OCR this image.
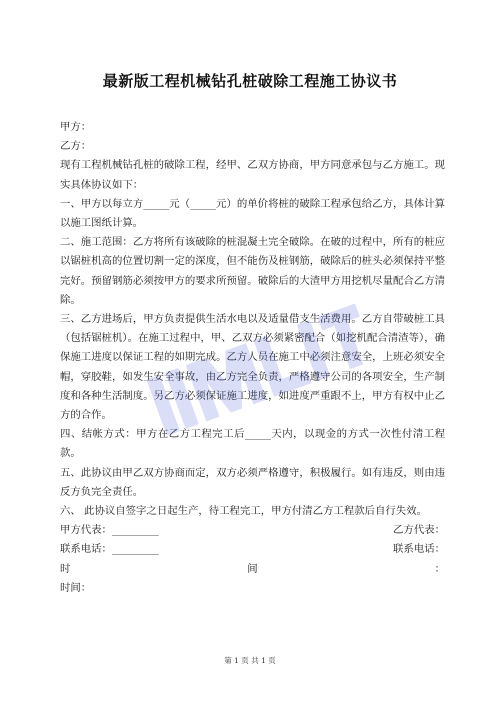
最新版工程机械钻孔桩破除工程施工协议书

甲方：

乙方：

现有工程机械钻孔桩的破除工程，经甲、乙双方协商，甲方同意承包与乙方施工。现实具体协议如下：

一、甲方以每立方_____元（_____元）的单价将桩的破除工程承包给乙方，具体计算以施工图纸计算。

二、施工范围：乙方将所有该破除的桩混凝土完全破除。在破的过程中，所有的桩应以锯桩机高的位置切割一定的深度，但不能伤及桩钢筋，破除后的桩头必须保持平整完好。预留钢筋必须按甲方的要求所预留。破除后的大渣甲方用挖机尽量配合乙方清除。

三、乙方进场后，甲方负责提供生活水电以及适量借支生活费用。乙方自带破桩工具（包括锯桩机）。在施工过程中，甲、乙双方必须紧密配合（如挖机配合清渣等），确保施工进度以保证工程的如期完成。乙方人员在施工中必须注意安全，上班必须安全帽，穿胶鞋，如发生安全事故，由乙方完全负责，严格遵守公司的各项安全，生产制度和各种生活制度。另乙方必须保证施工进度，如进度严重跟不上，甲方有权中止乙方的合作。

四、结帐方式：甲方在乙方工程完工后_____天内，以现金的方式一次性付清工程款。

五、此协议由甲乙双方协商而定，双方必须严格遵守，积极履行。如有违反，则由违反方负完全责任。

六、 此协议自签字之日起生产，待工程完工，甲方付清乙方工程款后自行失效。

甲方代表：_________	乙方代表：
联系电话：_________	联系电话：
时	间	：

时间：

第 1 页 共 1 页
